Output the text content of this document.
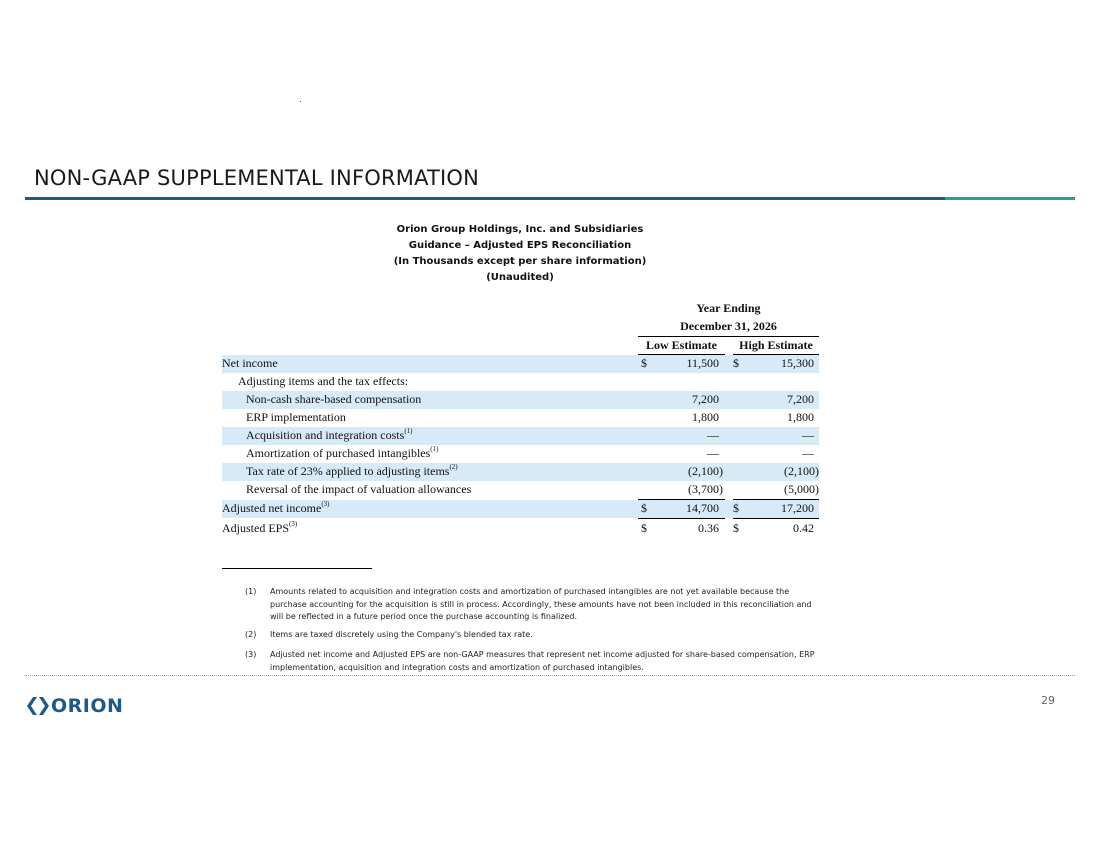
NON-GAAP SUPPLEMENTAL INFORMATION
Orion Group Holdings, Inc. and Subsidiaries
Guidance – Adjusted EPS Reconciliation
(In Thousands except per share information)
(Unaudited)
Year Ending
December 31, 2026
Low Estimate	High Estimate
Net income	$	11,500 $	15,300
Adjusting items and the tax effects:
Non-cash share-based compensation	7,200	7,200
ERP implementation	1,800	1,800
Acquisition and integration costs$^{(1)}$	—	—
Amortization of purchased intangibles$^{(1)}$	—	—
Tax rate of 23% applied to adjusting items$^{(2)}$	(2,100)	(2,100)
Reversal of the impact of valuation allowances	(3,700)	(5,000)
Adjusted net income$^{(3)}$	$	14,700 $	17,200
Adjusted EPS$^{(3)}$	$	0.36 $	0.42
(1) Amounts related to acquisition and integration costs and amortization of purchased intangibles are not yet available because the purchase accounting for the acquisition is still in process. Accordingly, these amounts have not been included in this reconciliation and will be reflected in a future period once the purchase accounting is finalized.
(2) Items are taxed discretely using the Company's blended tax rate.
(3) Adjusted net income and Adjusted EPS are non-GAAP measures that represent net income adjusted for share-based compensation, ERP implementation, acquisition and integration costs and amortization of purchased intangibles.
ORION	29
